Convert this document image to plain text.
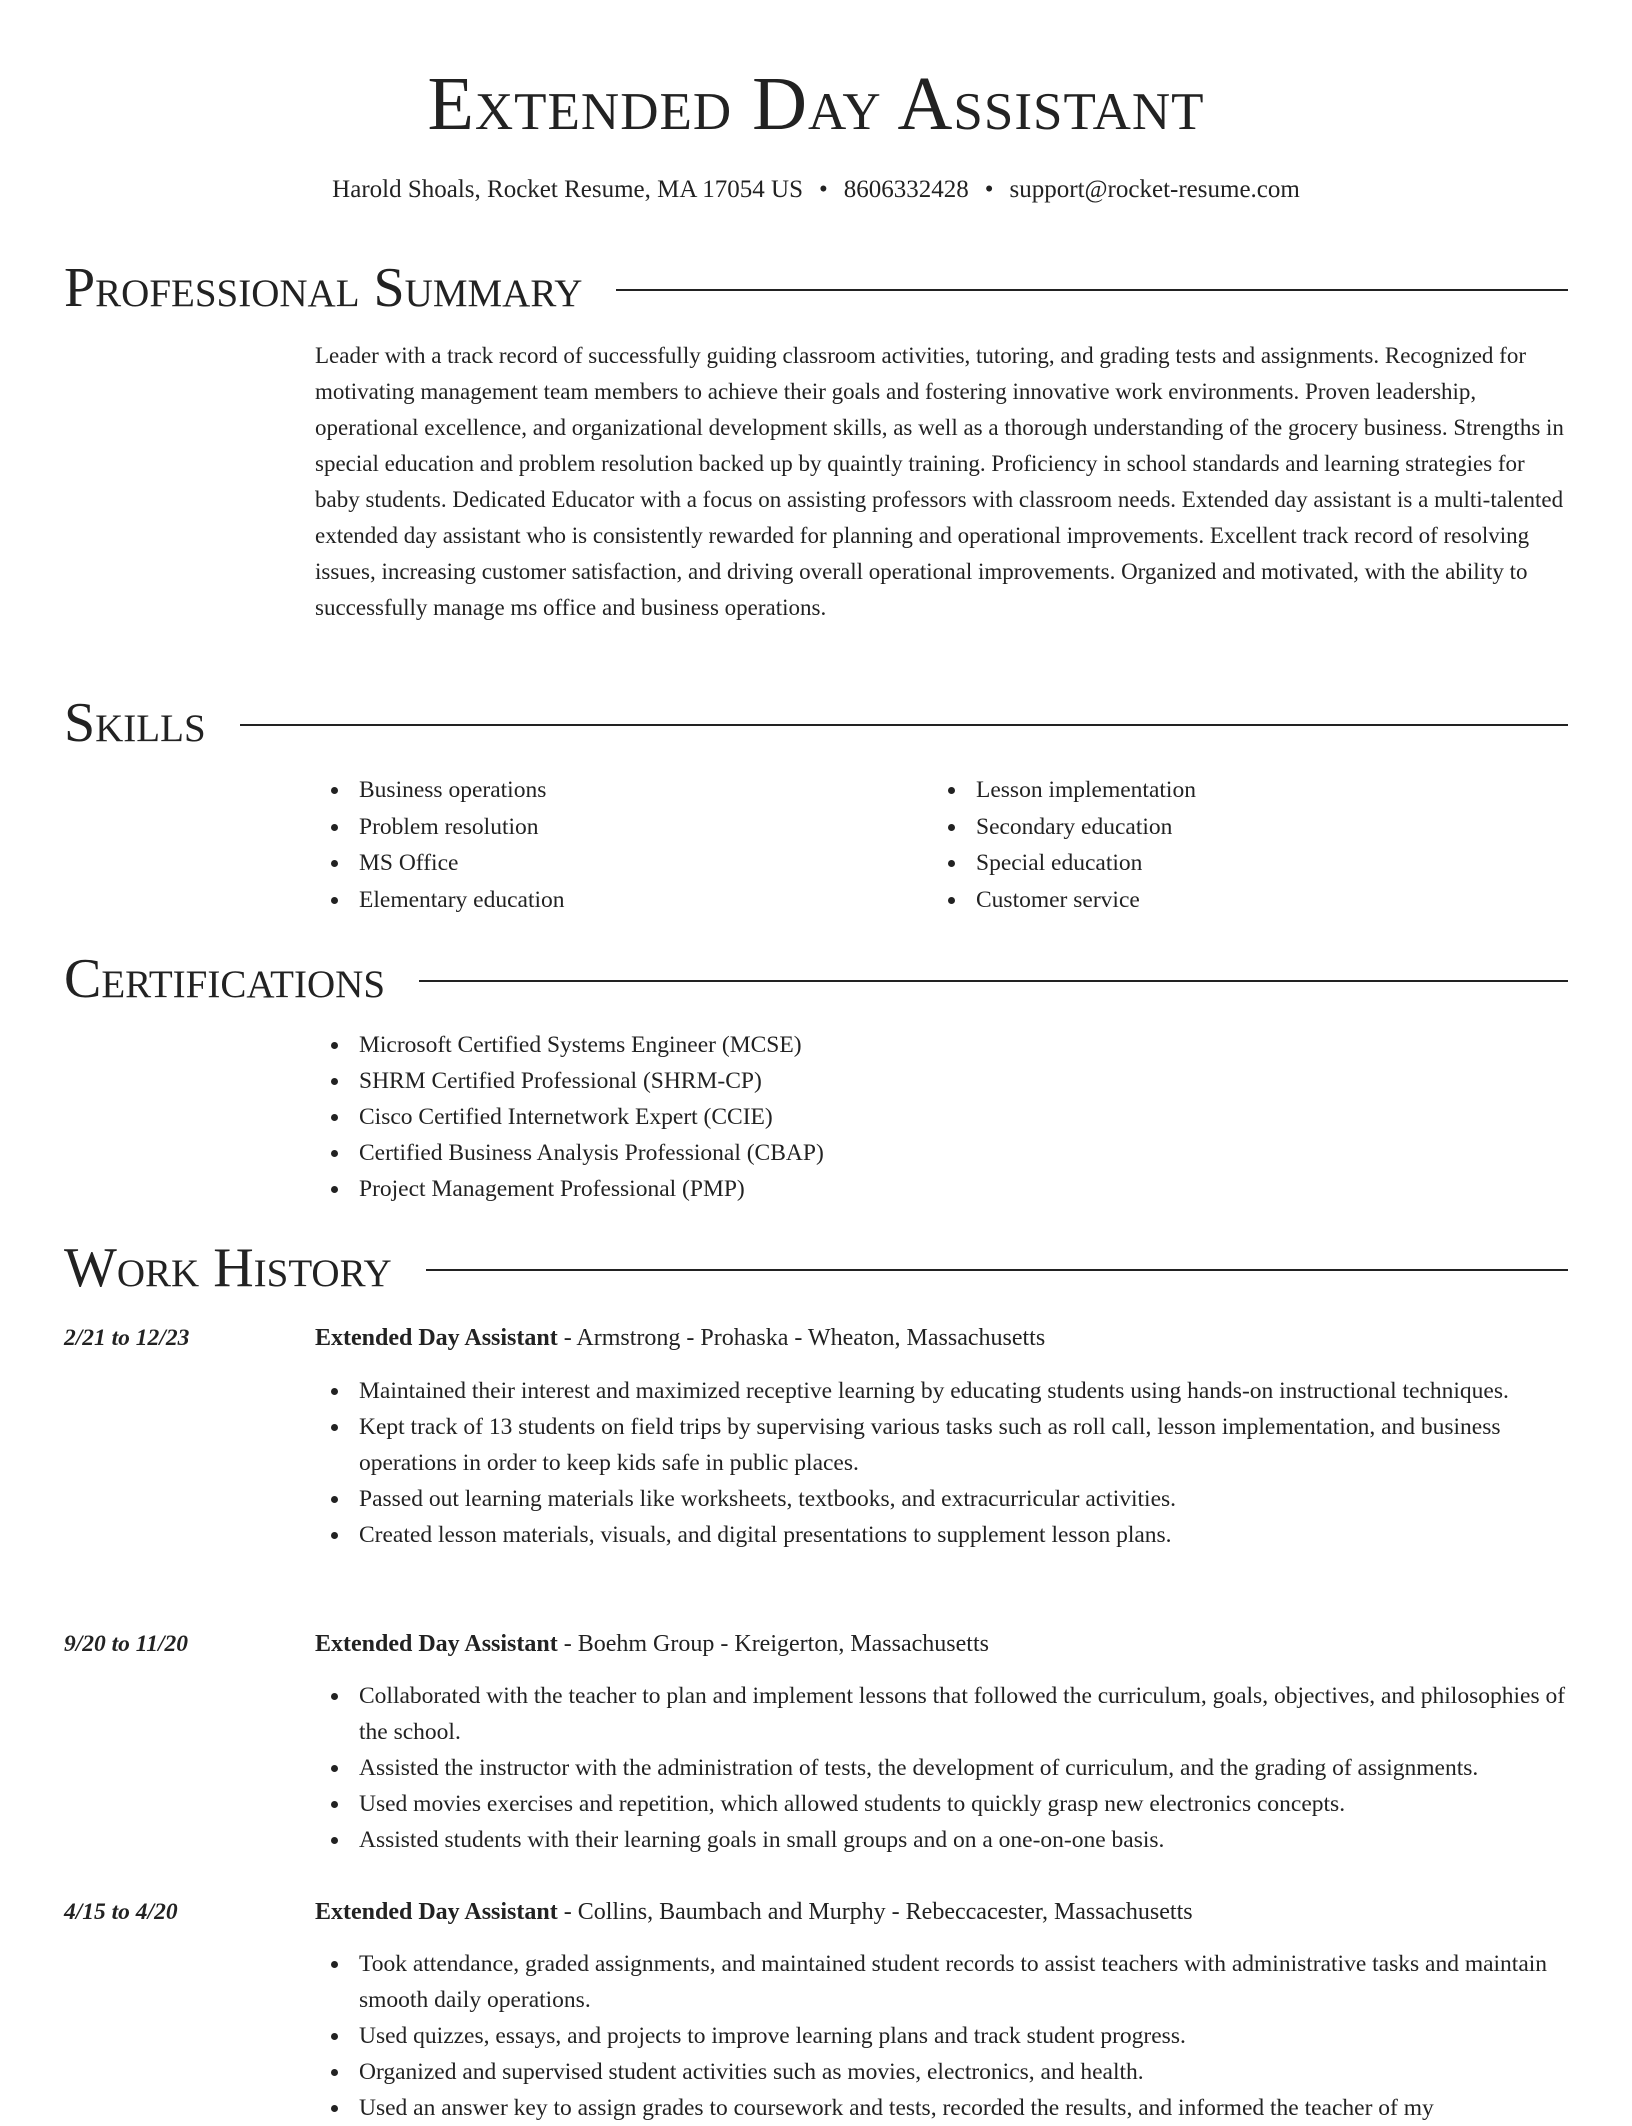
Extended Day Assistant
Harold Shoals, Rocket Resume, MA 17054 US • 8606332428 • support@rocket-resume.com
Professional Summary

Leader with a track record of successfully guiding classroom activities, tutoring, and grading tests and assignments. Recognized for motivating management team members to achieve their goals and fostering innovative work environments. Proven leadership, operational excellence, and organizational development skills, as well as a thorough understanding of the grocery business. Strengths in special education and problem resolution backed up by quaintly training. Proficiency in school standards and learning strategies for baby students. Dedicated Educator with a focus on assisting professors with classroom needs. Extended day assistant is a multi-talented extended day assistant who is consistently rewarded for planning and operational improvements. Excellent track record of resolving issues, increasing customer satisfaction, and driving overall operational improvements. Organized and motivated, with the ability to successfully manage ms office and business operations.

Skills
Business operations
Problem resolution
MS Office
Elementary education
Lesson implementation
Secondary education
Special education
Customer service
Certifications
Microsoft Certified Systems Engineer (MCSE)
SHRM Certified Professional (SHRM-CP)
Cisco Certified Internetwork Expert (CCIE)
Certified Business Analysis Professional (CBAP)
Project Management Professional (PMP)
Work History
2/21 to 12/23	Extended Day Assistant - Armstrong - Prohaska - Wheaton, Massachusetts
Maintained their interest and maximized receptive learning by educating students using hands-on instructional techniques.
Kept track of 13 students on field trips by supervising various tasks such as roll call, lesson implementation, and business operations in order to keep kids safe in public places.
Passed out learning materials like worksheets, textbooks, and extracurricular activities.
Created lesson materials, visuals, and digital presentations to supplement lesson plans.
9/20 to 11/20	Extended Day Assistant - Boehm Group - Kreigerton, Massachusetts
Collaborated with the teacher to plan and implement lessons that followed the curriculum, goals, objectives, and philosophies of the school.
Assisted the instructor with the administration of tests, the development of curriculum, and the grading of assignments.
Used movies exercises and repetition, which allowed students to quickly grasp new electronics concepts.
Assisted students with their learning goals in small groups and on a one-on-one basis.
4/15 to 4/20	Extended Day Assistant - Collins, Baumbach and Murphy - Rebeccacester, Massachusetts
Took attendance, graded assignments, and maintained student records to assist teachers with administrative tasks and maintain smooth daily operations.
Used quizzes, essays, and projects to improve learning plans and track student progress.
Organized and supervised student activities such as movies, electronics, and health.
Used an answer key to assign grades to coursework and tests, recorded the results, and informed the teacher of my
